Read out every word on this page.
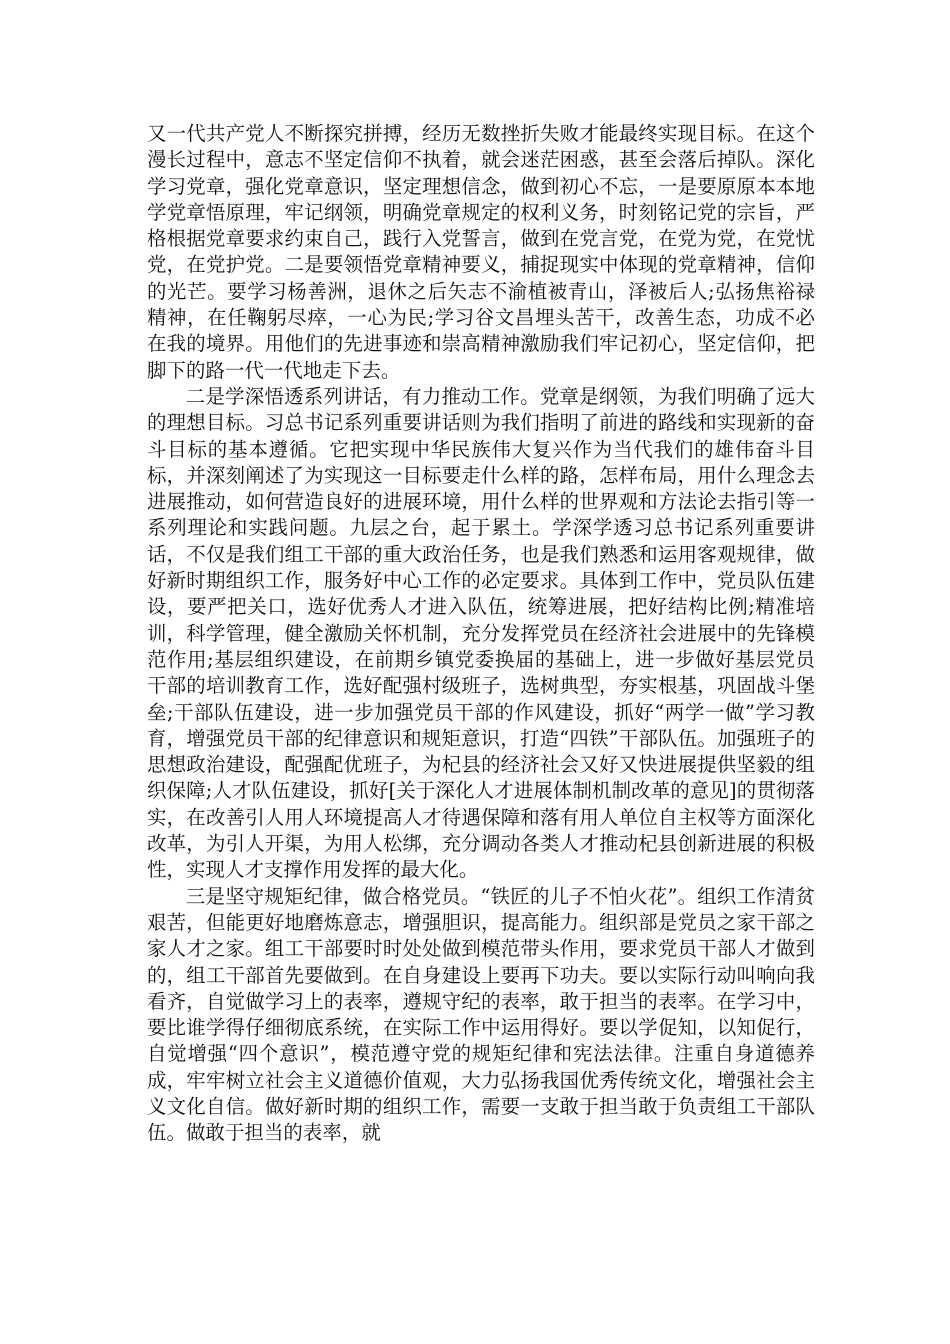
又一代共产党人不断探究拼搏，经历无数挫折失败才能最终实现目标。在这个漫长过程中，意志不坚定信仰不执着，就会迷茫困惑，甚至会落后掉队。深化学习党章，强化党章意识，坚定理想信念，做到初心不忘，一是要原原本本地学党章悟原理，牢记纲领，明确党章规定的权利义务，时刻铭记党的宗旨，严格根据党章要求约束自己，践行入党誓言，做到在党言党，在党为党，在党忧党，在党护党。二是要领悟党章精神要义，捕捉现实中体现的党章精神，信仰的光芒。要学习杨善洲，退休之后矢志不渝植被青山，泽被后人;弘扬焦裕禄精神，在任鞠躬尽瘁，一心为民;学习谷文昌埋头苦干，改善生态，功成不必在我的境界。用他们的先进事迹和崇高精神激励我们牢记初心，坚定信仰，把脚下的路一代一代地走下去。

二是学深悟透系列讲话，有力推动工作。党章是纲领，为我们明确了远大的理想目标。习总书记系列重要讲话则为我们指明了前进的路线和实现新的奋斗目标的基本遵循。它把实现中华民族伟大复兴作为当代我们的雄伟奋斗目标，并深刻阐述了为实现这一目标要走什么样的路，怎样布局，用什么理念去进展推动，如何营造良好的进展环境，用什么样的世界观和方法论去指引等一系列理论和实践问题。九层之台，起于累土。学深学透习总书记系列重要讲话，不仅是我们组工干部的重大政治任务，也是我们熟悉和运用客观规律，做好新时期组织工作，服务好中心工作的必定要求。具体到工作中，党员队伍建设，要严把关口，选好优秀人才进入队伍，统筹进展，把好结构比例;精准培训，科学管理，健全激励关怀机制，充分发挥党员在经济社会进展中的先锋模范作用;基层组织建设，在前期乡镇党委换届的基础上，进一步做好基层党员干部的培训教育工作，选好配强村级班子，选树典型，夯实根基，巩固战斗堡垒;干部队伍建设，进一步加强党员干部的作风建设，抓好“两学一做”学习教育，增强党员干部的纪律意识和规矩意识，打造“四铁”干部队伍。加强班子的思想政治建设，配强配优班子，为杞县的经济社会又好又快进展提供坚毅的组织保障;人才队伍建设，抓好[关于深化人才进展体制机制改革的意见]的贯彻落实，在改善引人用人环境提高人才待遇保障和落有用人单位自主权等方面深化改革，为引人开渠，为用人松绑，充分调动各类人才推动杞县创新进展的积极性，实现人才支撑作用发挥的最大化。

三是坚守规矩纪律，做合格党员。“铁匠的儿子不怕火花”。组织工作清贫艰苦，但能更好地磨炼意志，增强胆识，提高能力。组织部是党员之家干部之家人才之家。组工干部要时时处处做到模范带头作用，要求党员干部人才做到的，组工干部首先要做到。在自身建设上要再下功夫。要以实际行动叫响向我看齐，自觉做学习上的表率，遵规守纪的表率，敢于担当的表率。在学习中，要比谁学得仔细彻底系统，在实际工作中运用得好。要以学促知，以知促行，自觉增强“四个意识”，模范遵守党的规矩纪律和宪法法律。注重自身道德养成，牢牢树立社会主义道德价值观，大力弘扬我国优秀传统文化，增强社会主义文化自信。做好新时期的组织工作，需要一支敢于担当敢于负责组工干部队伍。做敢于担当的表率，就
